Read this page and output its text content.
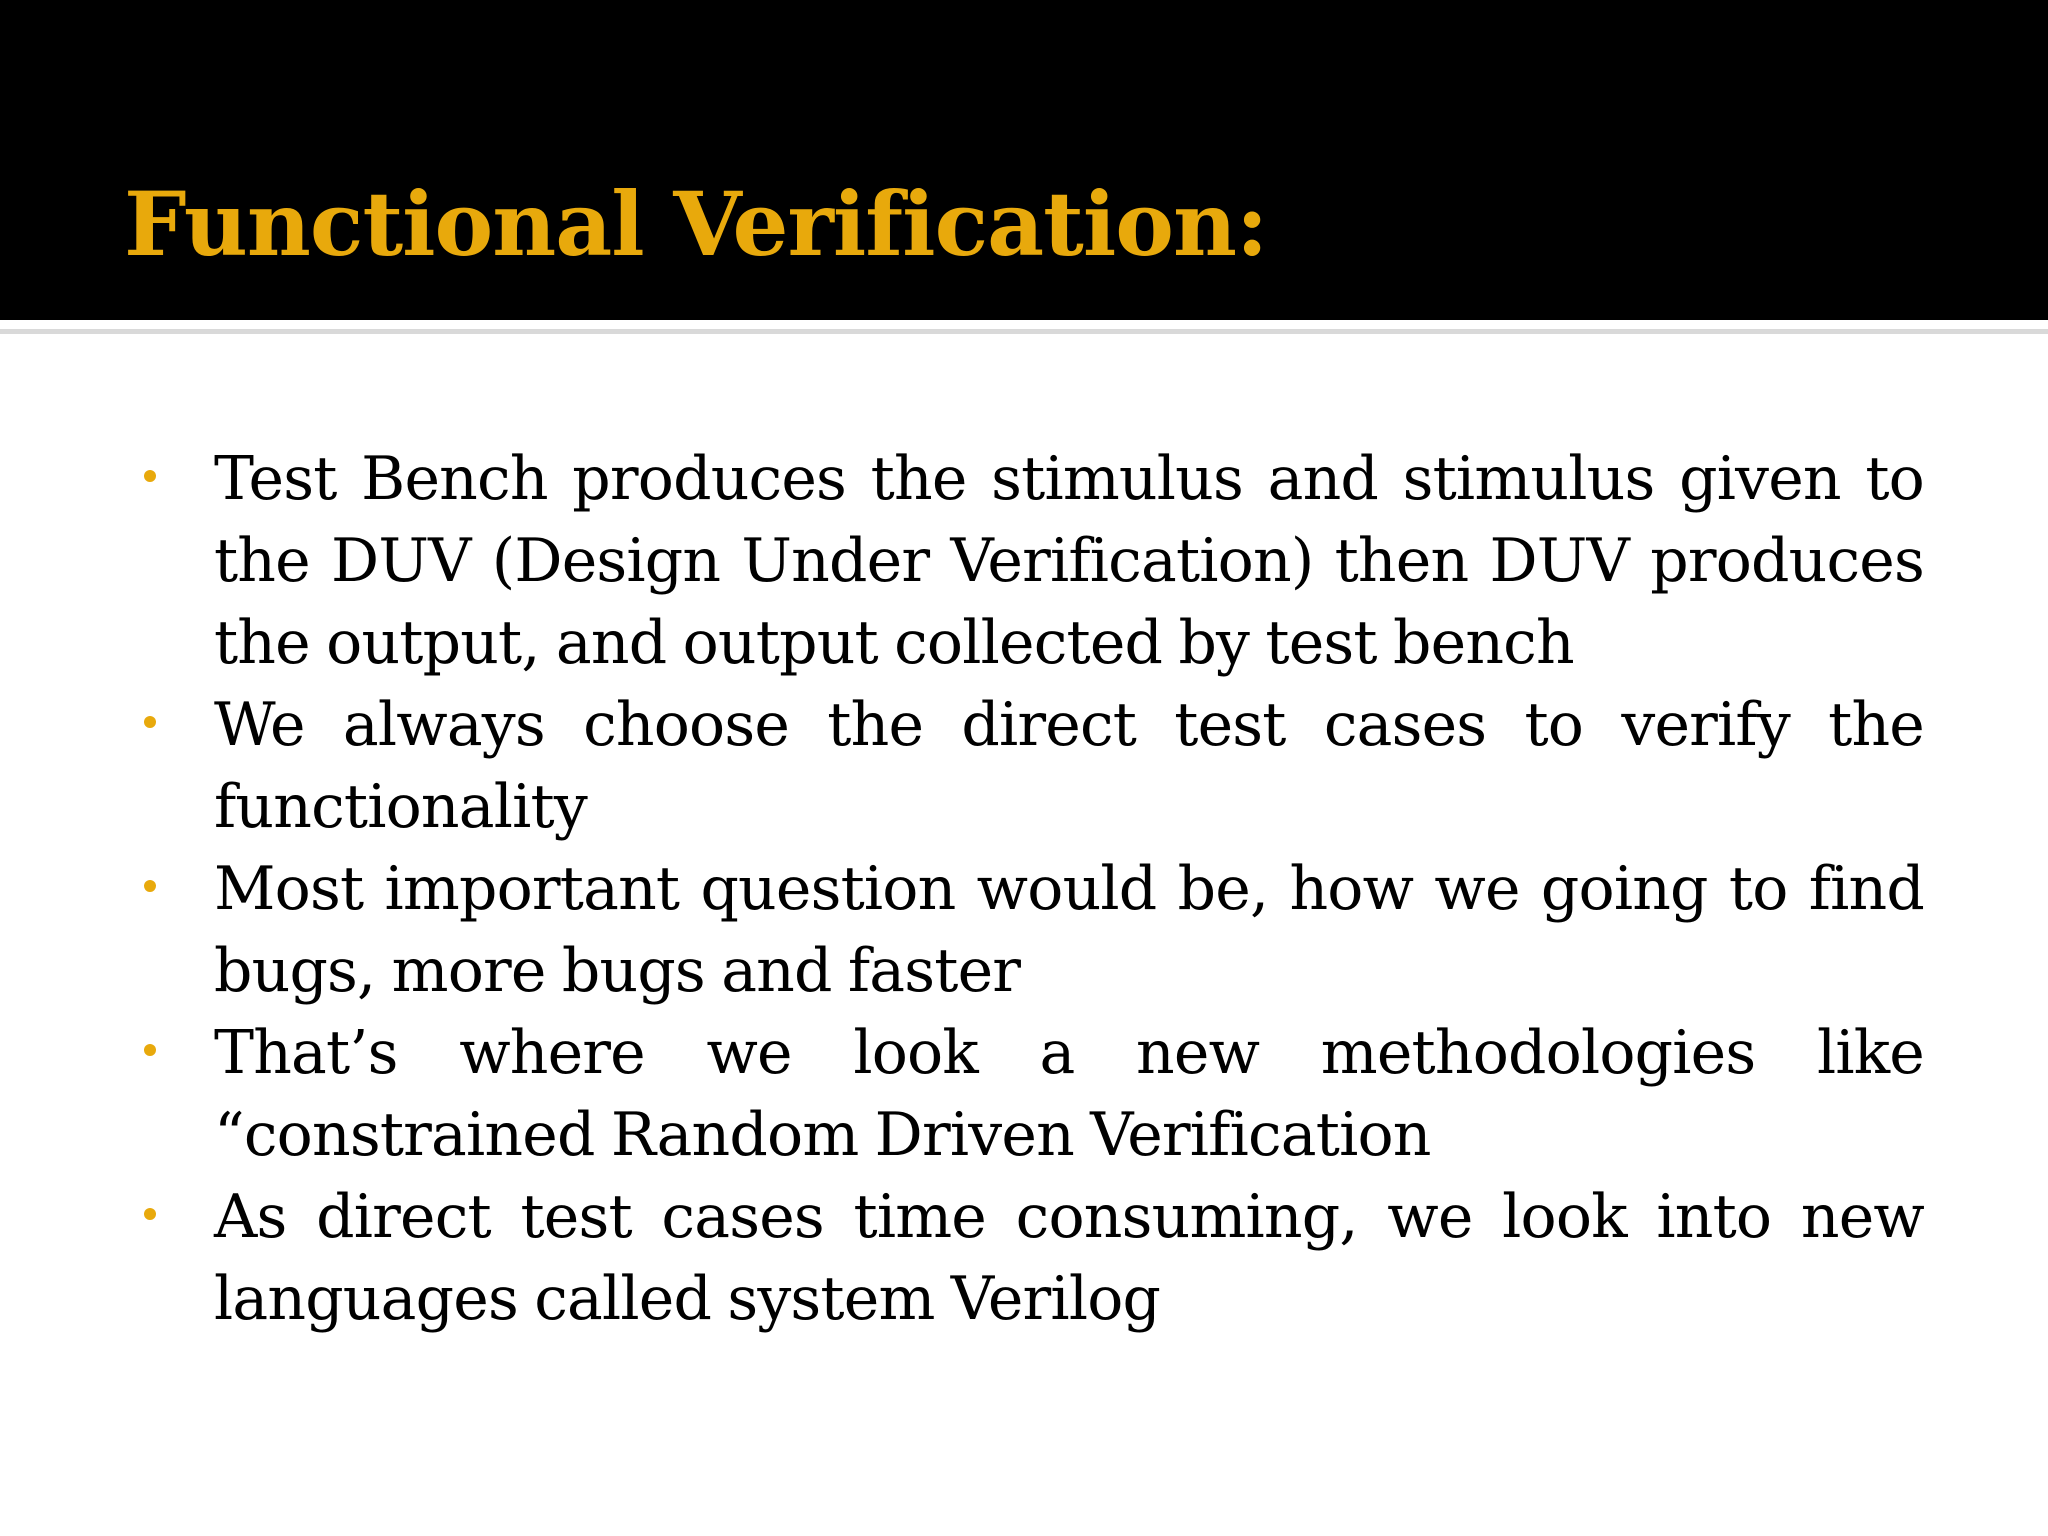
Functional Verification:
Test Bench produces the stimulus and stimulus given to the DUV (Design Under Verification) then DUV produces the output, and output collected by test bench
We always choose the direct test cases to verify the functionality
Most important question would be, how we going to find bugs, more bugs and faster
That’s where we look a new methodologies like “constrained Random Driven Verification
As direct test cases time consuming, we look into new languages called system Verilog
